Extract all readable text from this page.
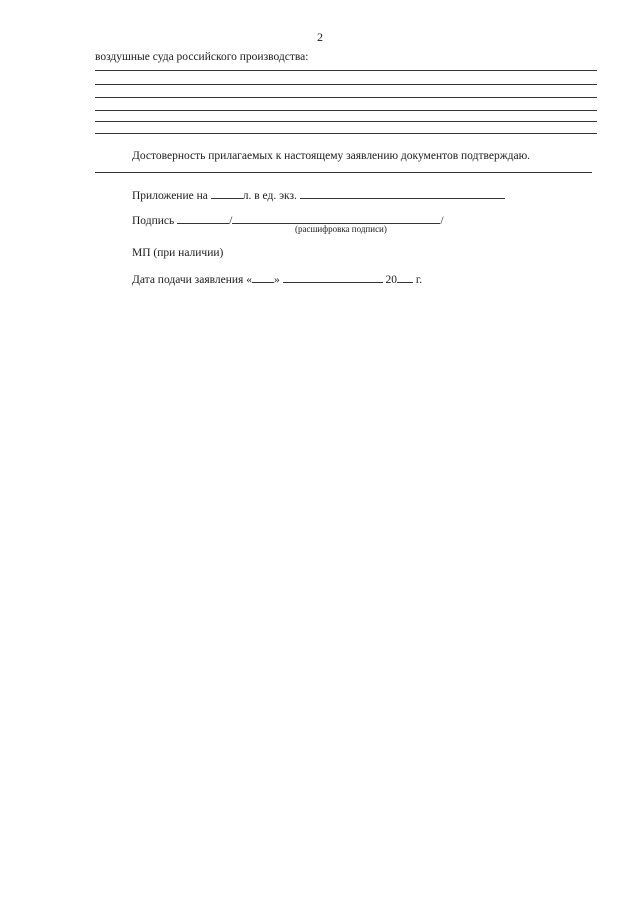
2
воздушные суда российского производства:
Достоверность прилагаемых к настоящему заявлению документов подтверждаю.
Приложение на	л. в ед. экз.
Подпись	/	/
(расшифровка подписи)
МП (при наличии)
Дата подачи заявления « »	20 г.
